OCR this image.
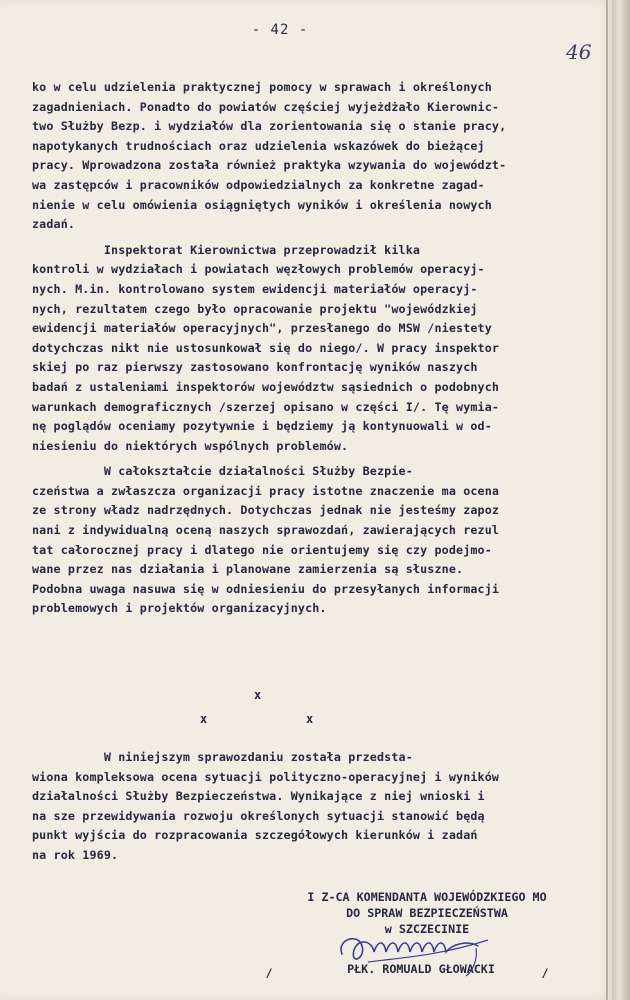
- 42 -
46
ko w celu udzielenia praktycznej pomocy w sprawach i określonych
zagadnieniach. Ponadto do powiatów częściej wyjeżdżało Kierownic-
two Służby Bezp. i wydziałów dla zorientowania się o stanie pracy,
napotykanych trudnościach oraz udzielenia wskazówek do bieżącej
pracy. Wprowadzona została również praktyka wzywania do województ-
wa zastępców i pracowników odpowiedzialnych za konkretne zagad-
nienie w celu omówienia osiągniętych wyników i określenia nowych
zadań.
Inspektorat Kierownictwa przeprowadził kilka
kontroli w wydziałach i powiatach węzłowych problemów operacyj-
nych. M.in. kontrolowano system ewidencji materiałów operacyj-
nych, rezultatem czego było opracowanie projektu "wojewódzkiej
ewidencji materiałów operacyjnych", przesłanego do MSW /niestety
dotychczas nikt nie ustosunkował się do niego/. W pracy inspektor
skiej po raz pierwszy zastosowano konfrontację wyników naszych
badań z ustaleniami inspektorów województw sąsiednich o podobnych
warunkach demograficznych /szerzej opisano w części I/. Tę wymia-
nę poglądów oceniamy pozytywnie i będziemy ją kontynuowali w od-
niesieniu do niektórych wspólnych problemów.
W całokształcie działalności Służby Bezpie-
czeństwa a zwłaszcza organizacji pracy istotne znaczenie ma ocena
ze strony władz nadrzędnych. Dotychczas jednak nie jesteśmy zapoz
nani z indywidualną oceną naszych sprawozdań, zawierających rezul
tat całorocznej pracy i dlatego nie orientujemy się czy podejmo-
wane przez nas działania i planowane zamierzenia są słuszne.
Podobna uwaga nasuwa się w odniesieniu do przesyłanych informacji
problemowych i projektów organizacyjnych.
x
x	x
W niniejszym sprawozdaniu została przedsta-
wiona kompleksowa ocena sytuacji polityczno-operacyjnej i wyników
działalności Służby Bezpieczeństwa. Wynikające z niej wnioski i
na sze przewidywania rozwoju określonych sytuacji stanowić będą
punkt wyjścia do rozpracowania szczegółowych kierunków i zadań
na rok 1969.
I Z-CA KOMENDANTA WOJEWÓDZKIEGO MO
DO SPRAW BEZPIECZEŃSTWA
w SZCZECINIE
/	PŁK. ROMUALD GŁOWACKI	/
